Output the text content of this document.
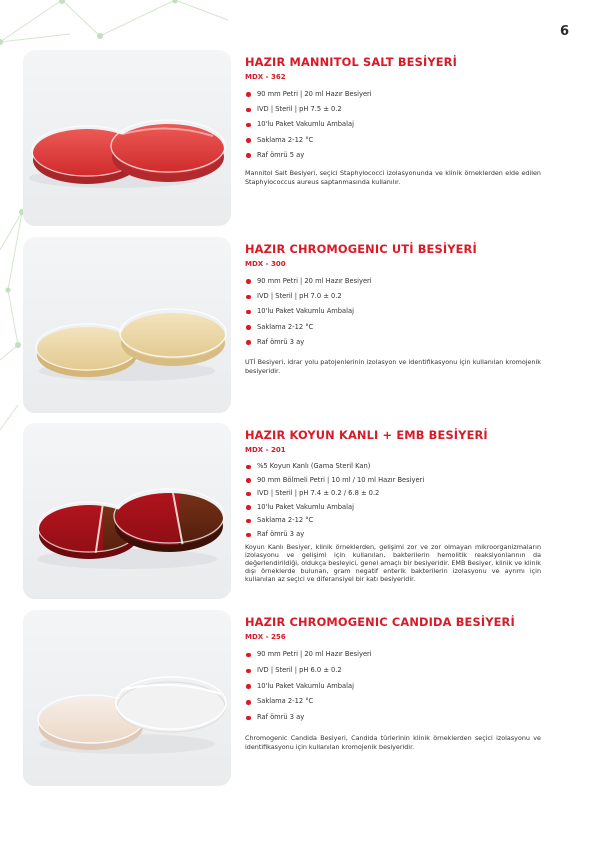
6
HAZIR MANNITOL SALT BESİYERİ
MDX - 362
90 mm Petri | 20 ml Hazır Besiyeri
IVD | Steril | pH 7.5 ± 0.2
10'lu Paket Vakumlu Ambalaj
Saklama 2-12 °C
Raf ömrü 5 ay

Mannitol Salt Besiyeri, seçici Staphylococci izolasyonunda ve klinik örneklerden elde edilen Staphylococcus aureus saptanmasında kullanılır.

HAZIR CHROMOGENIC UTİ BESİYERİ
MDX - 300
90 mm Petri | 20 ml Hazır Besiyeri
IVD | Steril | pH 7.0 ± 0.2
10'lu Paket Vakumlu Ambalaj
Saklama 2-12 °C
Raf ömrü 3 ay

UTİ Besiyeri, idrar yolu patojenlerinin izolasyon ve identifikasyonu için kullanılan kromojenik besiyeridir.

HAZIR KOYUN KANLI + EMB BESİYERİ
MDX - 201
%5 Koyun Kanlı (Gama Steril Kan)
90 mm Bölmeli Petri | 10 ml / 10 ml Hazır Besiyeri
IVD | Steril | pH 7.4 ± 0.2 / 6.8 ± 0.2
10'lu Paket Vakumlu Ambalaj
Saklama 2-12 °C
Raf ömrü 3 ay

Koyun Kanlı Besiyer, klinik örneklerden, gelişimi zor ve zor olmayan mikroorganizmaların izolasyonu ve gelişimi için kullanılan, bakterilerin hemolitik reaksiyonlarının da değerlendirildiği, oldukça besleyici, genel amaçlı bir besiyeridir. EMB Besiyer, klinik ve klinik dışı örneklerde bulunan, gram negatif enterik bakterilerin izolasyonu ve ayrımı için kullanılan az seçici ve diferansiyel bir katı besiyeridir.

HAZIR CHROMOGENIC CANDIDA BESİYERİ
MDX - 256
90 mm Petri | 20 ml Hazır Besiyeri
IVD | Steril | pH 6.0 ± 0.2
10'lu Paket Vakumlu Ambalaj
Saklama 2-12 °C
Raf ömrü 3 ay

Chromogenic Candida Besiyeri, Candida türlerinin klinik örneklerden seçici izolasyonu ve identifikasyonu için kullanılan kromojenik besiyeridir.
